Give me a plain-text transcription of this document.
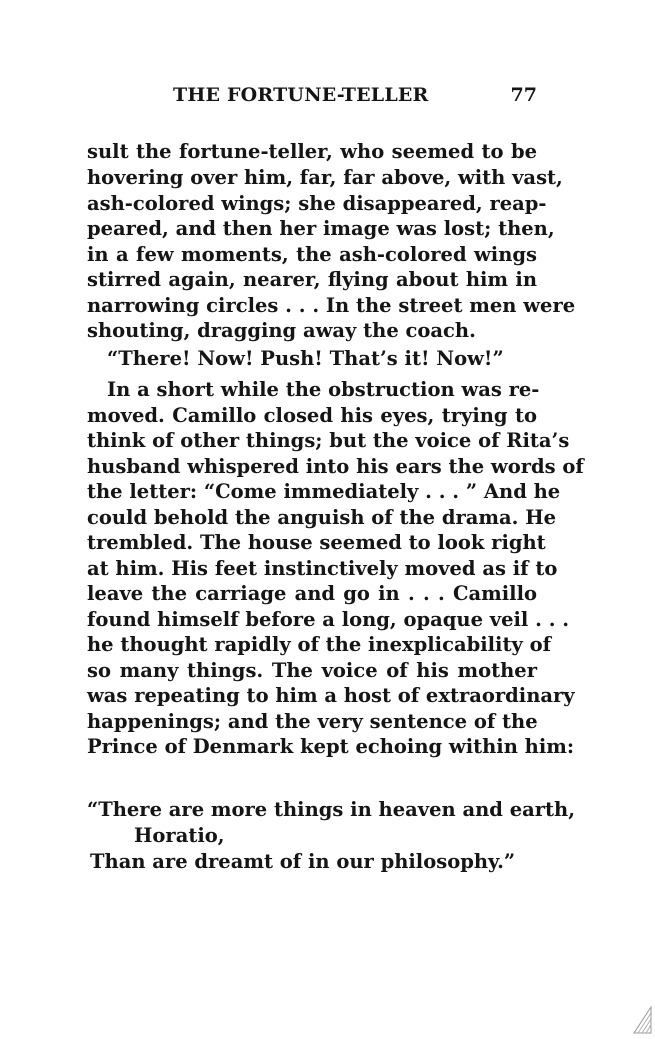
THE FORTUNE-TELLER	77
sult the fortune-teller, who seemed to be
hovering over him, far, far above, with vast,
ash-colored wings; she disappeared, reap-
peared, and then her image was lost; then,
in a few moments, the ash-colored wings
stirred again, nearer, flying about him in
narrowing circles . . . In the street men were
shouting, dragging away the coach.
“There! Now! Push! That’s it! Now!”
In a short while the obstruction was re-
moved. Camillo closed his eyes, trying to
think of other things; but the voice of Rita’s
husband whispered into his ears the words of
the letter: “Come immediately . . . ” And he
could behold the anguish of the drama. He
trembled. The house seemed to look right
at him. His feet instinctively moved as if to
leave the carriage and go in . . . Camillo
found himself before a long, opaque veil . . .
he thought rapidly of the inexplicability of
so many things. The voice of his mother
was repeating to him a host of extraordinary
happenings; and the very sentence of the
Prince of Denmark kept echoing within him:
“There are more things in heaven and earth,
Horatio,
Than are dreamt of in our philosophy.”
